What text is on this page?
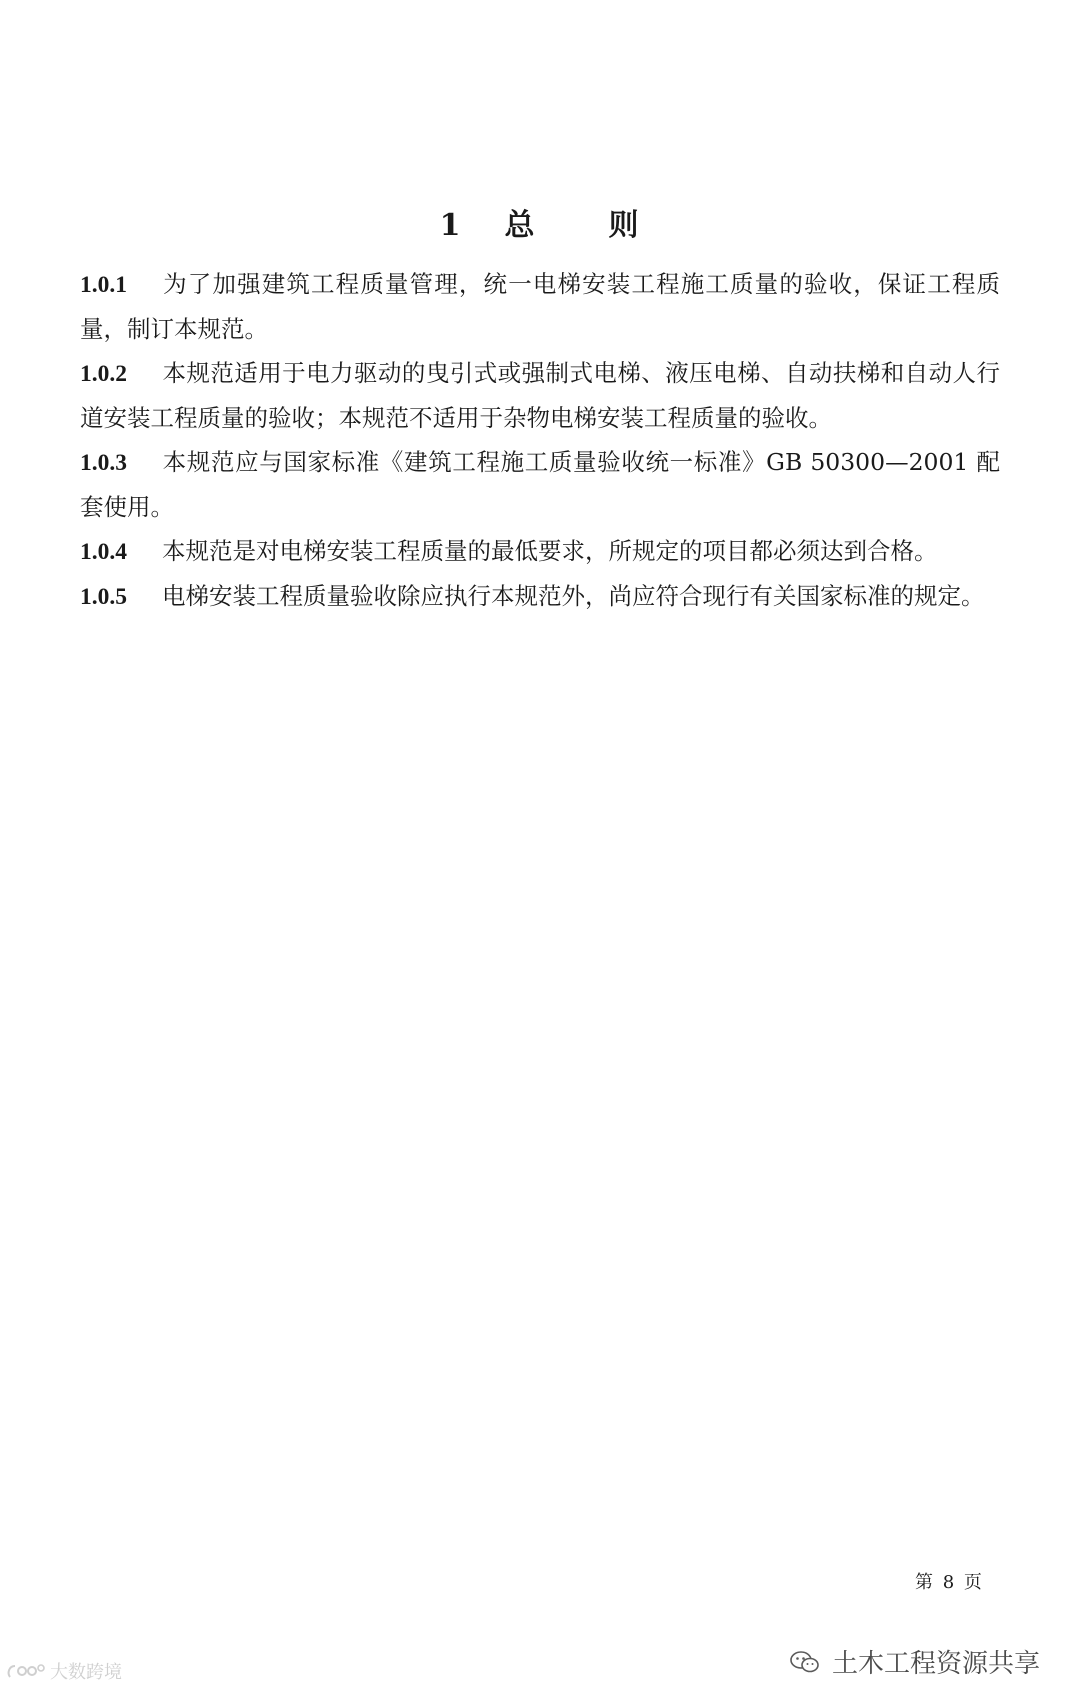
1 总 则

1.0.1 为了加强建筑工程质量管理，统一电梯安装工程施工质量的验收，保证工程质量，制订本规范。

1.0.2 本规范适用于电力驱动的曳引式或强制式电梯、液压电梯、自动扶梯和自动人行道安装工程质量的验收；本规范不适用于杂物电梯安装工程质量的验收。

1.0.3 本规范应与国家标准《建筑工程施工质量验收统一标准》GB 50300—2001 配套使用。

1.0.4 本规范是对电梯安装工程质量的最低要求，所规定的项目都必须达到合格。

1.0.5 电梯安装工程质量验收除应执行本规范外，尚应符合现行有关国家标准的规定。

第 8 页
土木工程资源共享
大数跨境
